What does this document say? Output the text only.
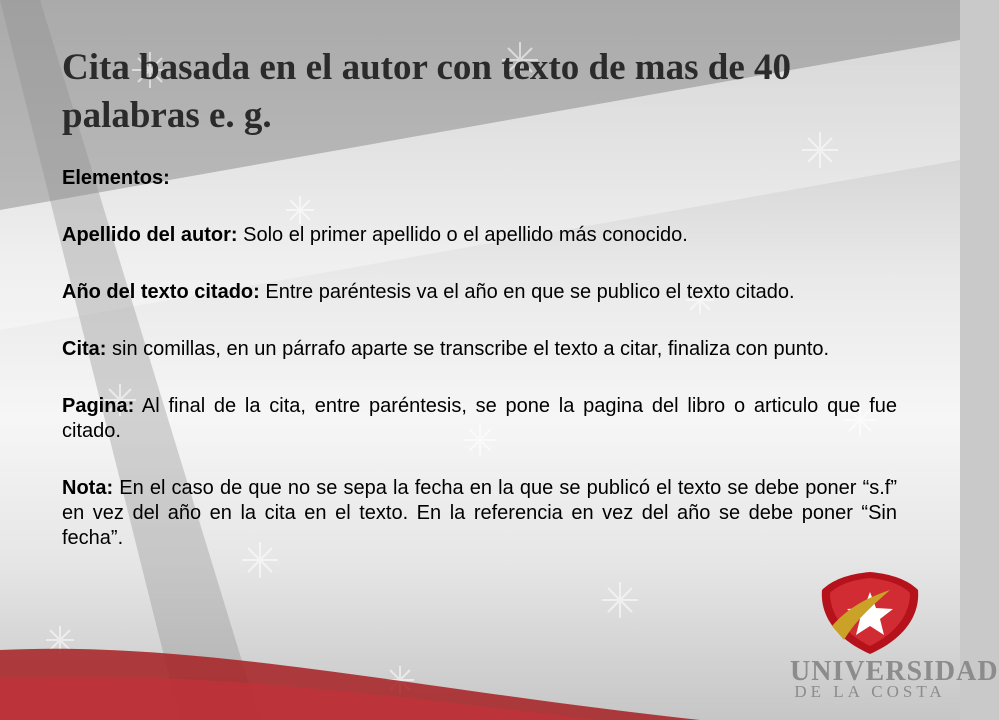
Cita basada en el autor con texto de mas de 40 palabras e. g.

Elementos:

Apellido del autor: Solo el primer apellido o el apellido más conocido.

Año del texto citado: Entre paréntesis va el año en que se publico el texto citado.

Cita: sin comillas, en un párrafo aparte se transcribe el texto a citar, finaliza con punto.

Pagina: Al final de la cita, entre paréntesis, se pone la pagina del libro o articulo que fue citado.

Nota: En el caso de que no se sepa la fecha en la que se publicó el texto se debe poner “s.f” en vez del año en la cita en el texto. En la referencia en vez del año se debe poner “Sin fecha”.

UNIVERSIDAD
DE LA COSTA
